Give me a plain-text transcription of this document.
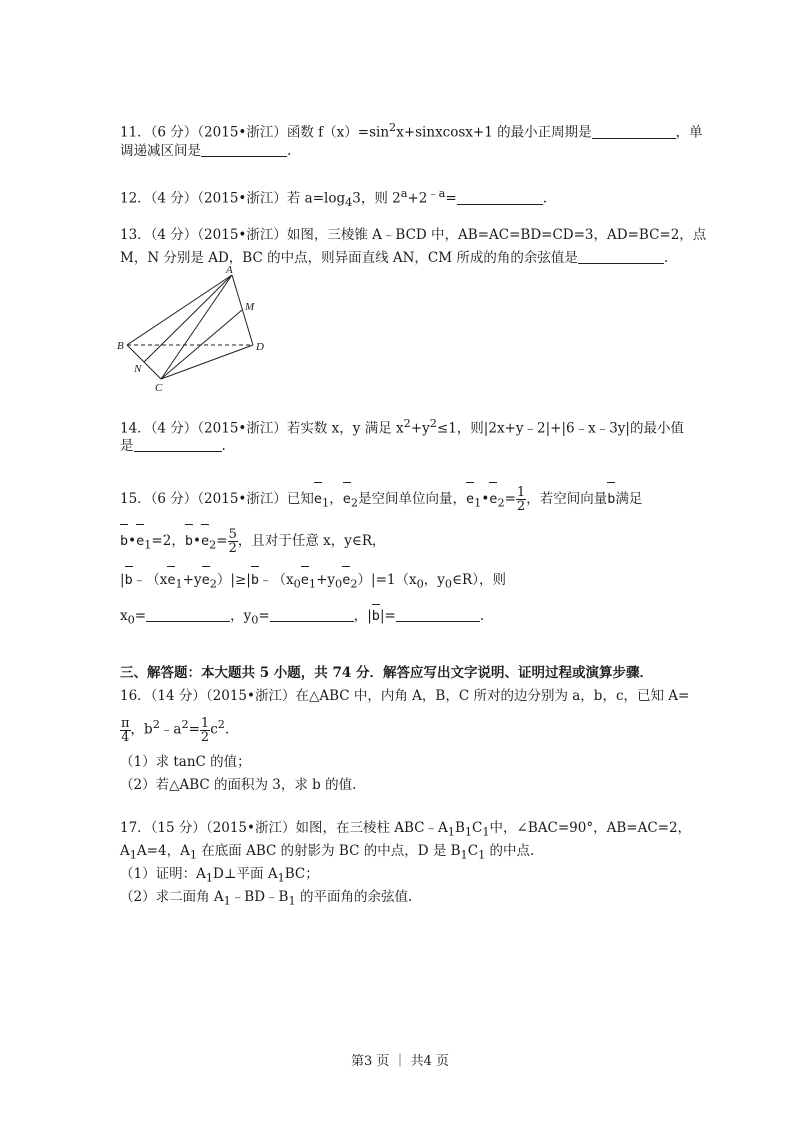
11．（6 分）（2015•浙江）函数 $f(x)=\sin^2x+sinxcosx+1$ 的最小正周期是	，单
调递减区间是	.
12．（4 分）（2015•浙江）若 $a=\log_43$，则 $2^a+2^{﹣a}=$	.
13．（4 分）（2015•浙江）如图，三棱锥 A﹣BCD 中，AB=AC=BD=CD=3，AD=BC=2，点
M，N 分别是 AD，BC 的中点，则异面直线 AN，CM 所成的角的余弦值是	.
A
B
C
D
M
N
14．（4 分）（2015•浙江）若实数 x，y 满足 $x^2+y^2\le 1$，则|2x+y﹣2|+|6﹣x﹣3y|的最小值
是	.
15．（6 分）（2015•浙江）已知$e_1$，$e_2$是空间单位向量，$e_1•e_2= \frac{1}{2}$ ，若空间向量b满足
$b•e_1=2$，$b•e_2= \frac{5}{2}$ ，且对于任意 x，y∈R，
$|b﹣(xe_1+ye_2)|\ge|b﹣(x_0e_1+y_0e_2)|=1(x_0$，$y_0\in R$），则
$x_0=$	，$y_0=$	，|b|=	.
三、解答题：本大题共 5 小题，共 74 分．解答应写出文字说明、证明过程或演算步骤．
16．（14 分）（2015•浙江）在△ABC 中，内角 A，B，C 所对的边分别为 a，b，c，已知 A=
$\frac{\pi}{4}$ ，$b^2﹣a^2= \frac{1}{2} c^2$.
（1）求 tanC 的值；
（2）若△ABC 的面积为 3，求 b 的值.
17．（15 分）（2015•浙江）如图，在三棱柱 $ABC﹣A_1B_1C_1$中，∠BAC=90°，AB=AC=2，
$A_1A=4$，$A_1$ 在底面 ABC 的射影为 BC 的中点，D 是 $B_1C_1$ 的中点.
（1）证明：$A_1D\perp$平面 $A_1BC$；
（2）求二面角 $A_1﹣BD﹣B_1$ 的平面角的余弦值.
第3 页 ｜ 共4 页
